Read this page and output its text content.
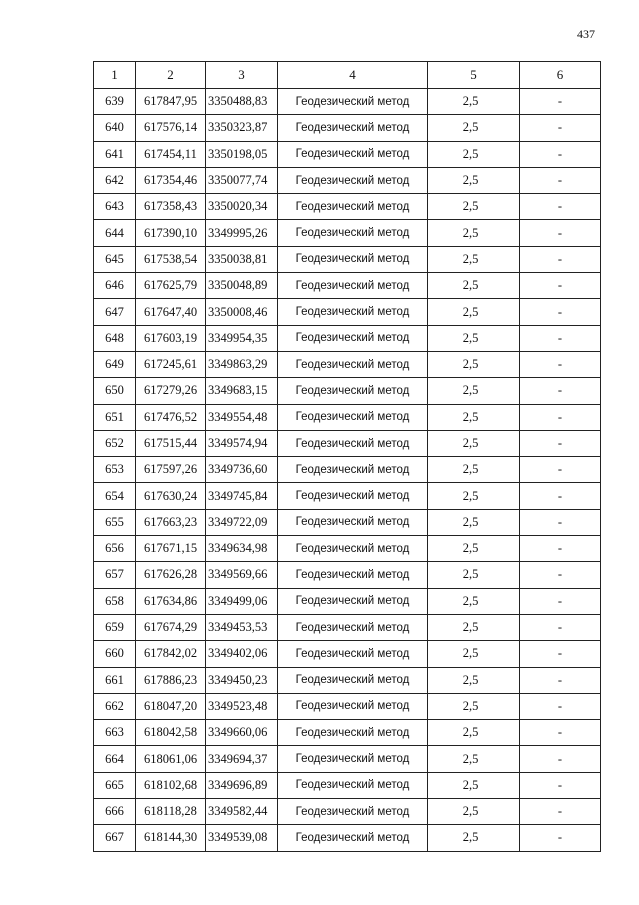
437
1	2	3	4	5	6
639	617847,95	3350488,83	Геодезический метод	2,5	-
640	617576,14	3350323,87	Геодезический метод	2,5	-
641	617454,11	3350198,05	Геодезический метод	2,5	-
642	617354,46	3350077,74	Геодезический метод	2,5	-
643	617358,43	3350020,34	Геодезический метод	2,5	-
644	617390,10	3349995,26	Геодезический метод	2,5	-
645	617538,54	3350038,81	Геодезический метод	2,5	-
646	617625,79	3350048,89	Геодезический метод	2,5	-
647	617647,40	3350008,46	Геодезический метод	2,5	-
648	617603,19	3349954,35	Геодезический метод	2,5	-
649	617245,61	3349863,29	Геодезический метод	2,5	-
650	617279,26	3349683,15	Геодезический метод	2,5	-
651	617476,52	3349554,48	Геодезический метод	2,5	-
652	617515,44	3349574,94	Геодезический метод	2,5	-
653	617597,26	3349736,60	Геодезический метод	2,5	-
654	617630,24	3349745,84	Геодезический метод	2,5	-
655	617663,23	3349722,09	Геодезический метод	2,5	-
656	617671,15	3349634,98	Геодезический метод	2,5	-
657	617626,28	3349569,66	Геодезический метод	2,5	-
658	617634,86	3349499,06	Геодезический метод	2,5	-
659	617674,29	3349453,53	Геодезический метод	2,5	-
660	617842,02	3349402,06	Геодезический метод	2,5	-
661	617886,23	3349450,23	Геодезический метод	2,5	-
662	618047,20	3349523,48	Геодезический метод	2,5	-
663	618042,58	3349660,06	Геодезический метод	2,5	-
664	618061,06	3349694,37	Геодезический метод	2,5	-
665	618102,68	3349696,89	Геодезический метод	2,5	-
666	618118,28	3349582,44	Геодезический метод	2,5	-
667	618144,30	3349539,08	Геодезический метод	2,5	-
